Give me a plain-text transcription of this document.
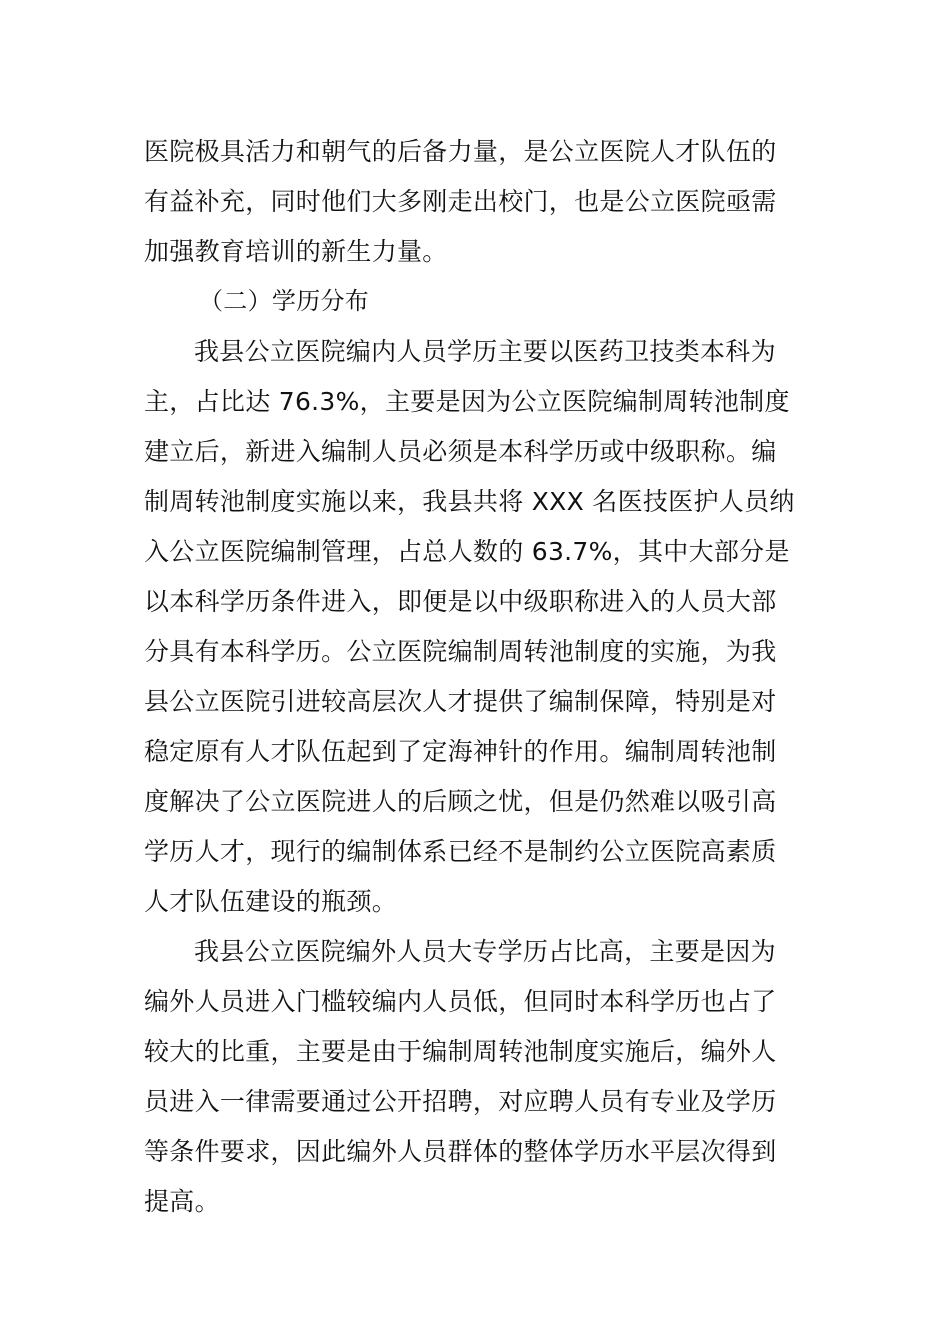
医院极具活力和朝气的后备力量，是公立医院人才队伍的
有益补充，同时他们大多刚走出校门，也是公立医院亟需
加强教育培训的新生力量。
（二）学历分布
我县公立医院编内人员学历主要以医药卫技类本科为
主，占比达 76.3%，主要是因为公立医院编制周转池制度
建立后，新进入编制人员必须是本科学历或中级职称。编
制周转池制度实施以来，我县共将 XXX 名医技医护人员纳
入公立医院编制管理，占总人数的 63.7%，其中大部分是
以本科学历条件进入，即便是以中级职称进入的人员大部
分具有本科学历。公立医院编制周转池制度的实施，为我
县公立医院引进较高层次人才提供了编制保障，特别是对
稳定原有人才队伍起到了定海神针的作用。编制周转池制
度解决了公立医院进人的后顾之忧，但是仍然难以吸引高
学历人才，现行的编制体系已经不是制约公立医院高素质
人才队伍建设的瓶颈。
我县公立医院编外人员大专学历占比高，主要是因为
编外人员进入门槛较编内人员低，但同时本科学历也占了
较大的比重，主要是由于编制周转池制度实施后，编外人
员进入一律需要通过公开招聘，对应聘人员有专业及学历
等条件要求，因此编外人员群体的整体学历水平层次得到
提高。
